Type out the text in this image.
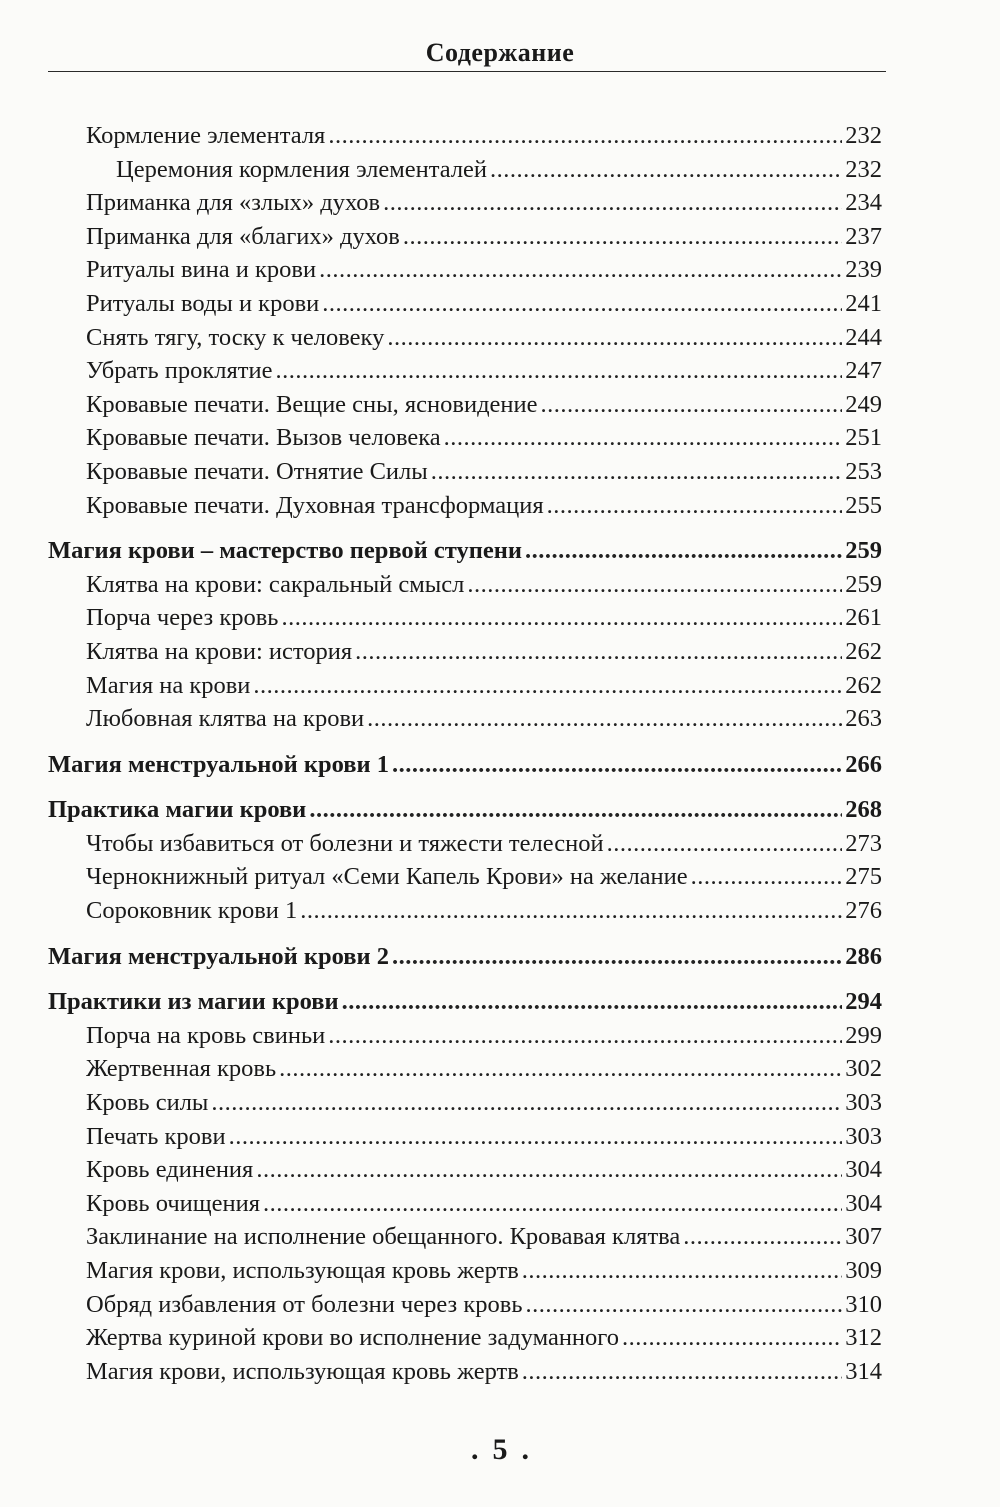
Содержание
Кормление элементаля .....	232
Церемония кормления элементалей .....	232
Приманка для «злых» духов .....	234
Приманка для «благих» духов .....	237
Ритуалы вина и крови .....	239
Ритуалы воды и крови .....	241
Снять тягу, тоску к человеку .....	244
Убрать проклятие .....	247
Кровавые печати. Вещие сны, ясновидение .....	249
Кровавые печати. Вызов человека .....	251
Кровавые печати. Отнятие Силы .....	253
Кровавые печати. Духовная трансформация .....	255
Магия крови – мастерство первой ступени .....	259
Клятва на крови: сакральный смысл .....	259
Порча через кровь .....	261
Клятва на крови: история .....	262
Магия на крови .....	262
Любовная клятва на крови .....	263
Магия менструальной крови 1 .....	266
Практика магии крови .....	268
Чтобы избавиться от болезни и тяжести телесной .....	273
Чернокнижный ритуал «Семи Капель Крови» на желание .....	275
Сороковник крови 1 .....	276
Магия менструальной крови 2 .....	286
Практики из магии крови .....	294
Порча на кровь свиньи .....	299
Жертвенная кровь .....	302
Кровь силы .....	303
Печать крови .....	303
Кровь единения .....	304
Кровь очищения .....	304
Заклинание на исполнение обещанного. Кровавая клятва .....	307
Магия крови, использующая кровь жертв .....	309
Обряд избавления от болезни через кровь .....	310
Жертва куриной крови во исполнение задуманного .....	312
Магия крови, использующая кровь жертв .....	314
. 5 .
